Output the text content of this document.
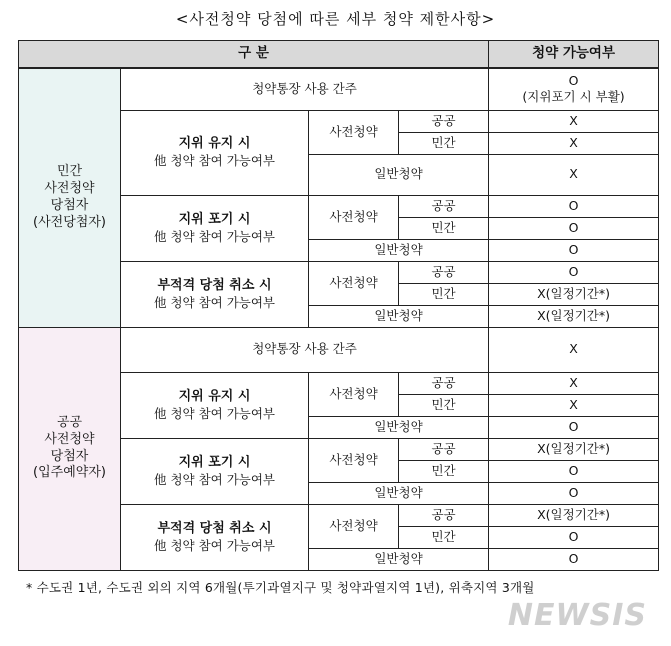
<사전청약 당첨에 따른 세부 청약 제한사항>
구 분				청약 가능여부
민간
사전청약
당첨자
(사전당첨자)	청약통장 사용 간주			O
(지위포기 시 부활)
	지위 유지 시
他 청약 참여 가능여부	사전청약	공공	X
			민간	X
		일반청약		X
	지위 포기 시
他 청약 참여 가능여부	사전청약	공공	O
			민간	O
		일반청약		O
	부적격 당첨 취소 시
他 청약 참여 가능여부	사전청약	공공	O
			민간	X(일정기간*)
		일반청약		X(일정기간*)
공공
사전청약
당첨자
(입주예약자)	청약통장 사용 간주			X
	지위 유지 시
他 청약 참여 가능여부	사전청약	공공	X
			민간	X
		일반청약		O
	지위 포기 시
他 청약 참여 가능여부	사전청약	공공	X(일정기간*)
			민간	O
		일반청약		O
	부적격 당첨 취소 시
他 청약 참여 가능여부	사전청약	공공	X(일정기간*)
			민간	O
		일반청약		O
* 수도권 1년, 수도권 외의 지역 6개월(투기과열지구 및 청약과열지역 1년), 위축지역 3개월
NEWSIS
